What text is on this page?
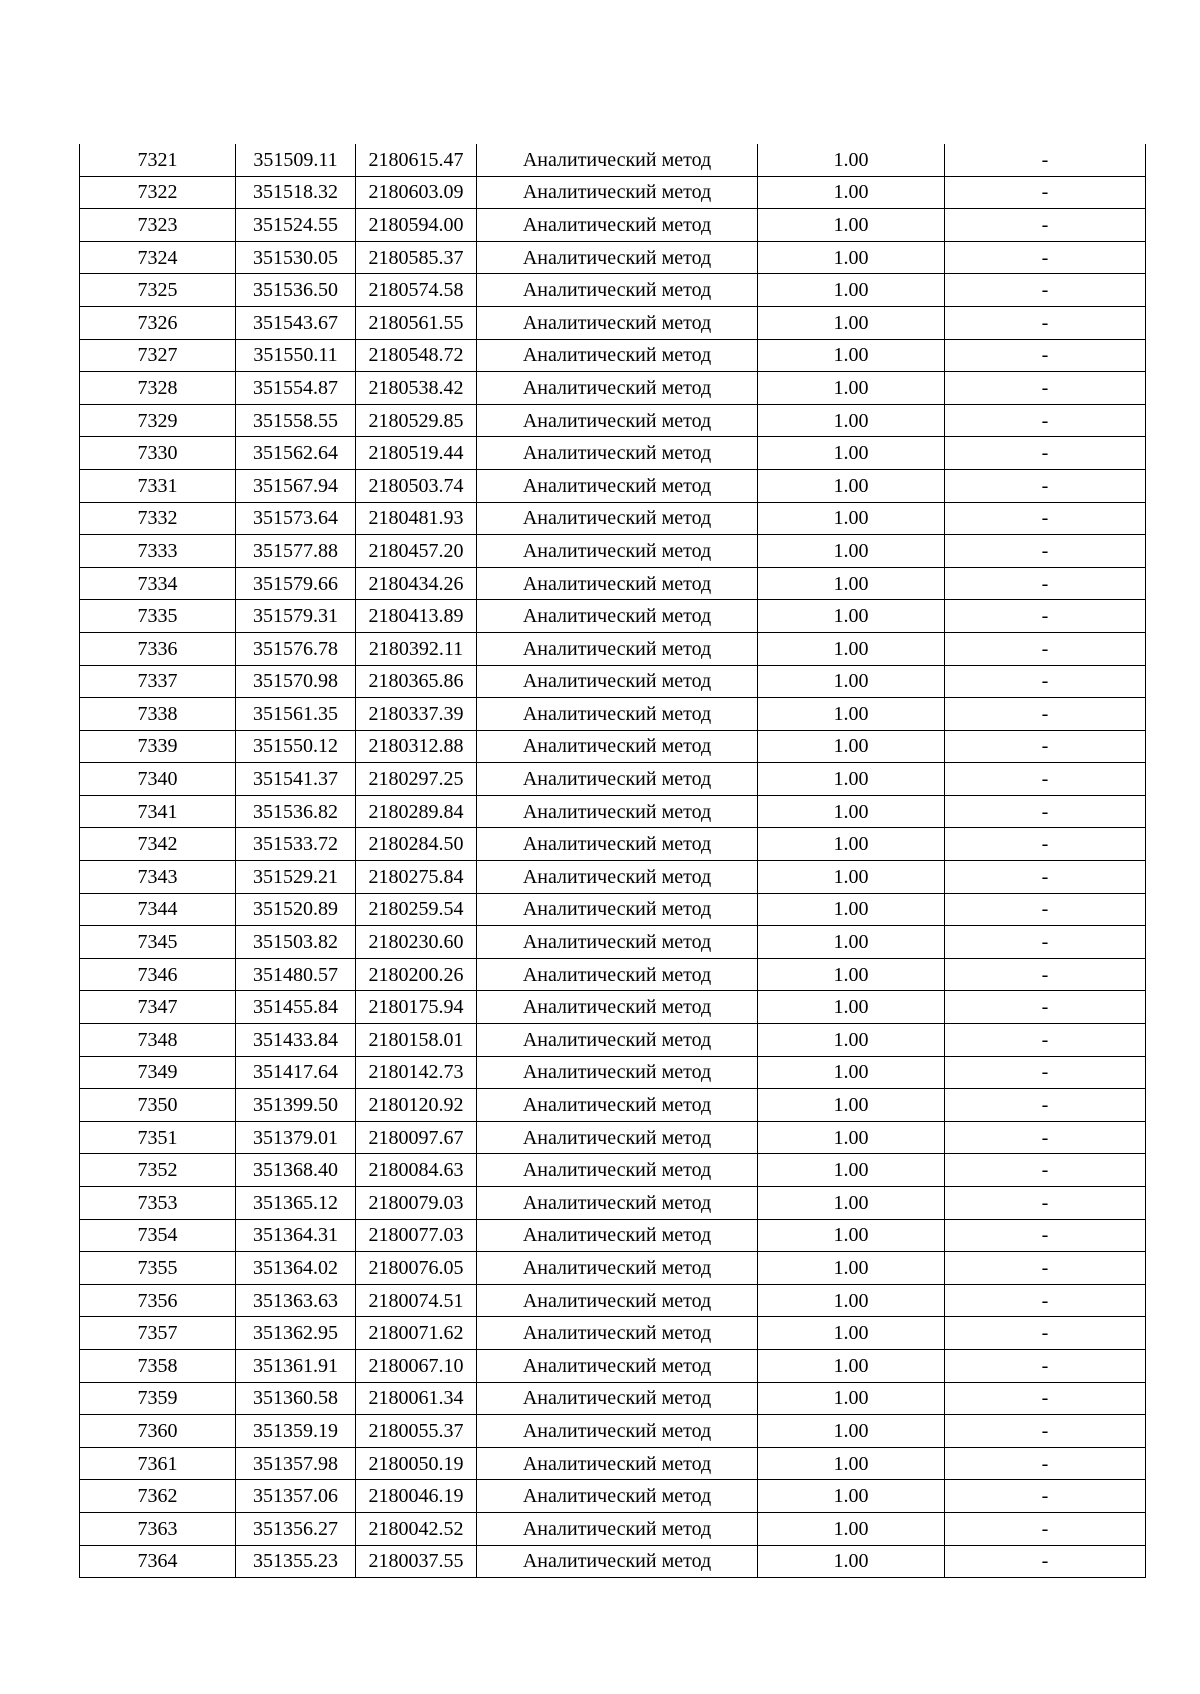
7321	351509.11	2180615.47	Аналитический метод	1.00	-
7322	351518.32	2180603.09	Аналитический метод	1.00	-
7323	351524.55	2180594.00	Аналитический метод	1.00	-
7324	351530.05	2180585.37	Аналитический метод	1.00	-
7325	351536.50	2180574.58	Аналитический метод	1.00	-
7326	351543.67	2180561.55	Аналитический метод	1.00	-
7327	351550.11	2180548.72	Аналитический метод	1.00	-
7328	351554.87	2180538.42	Аналитический метод	1.00	-
7329	351558.55	2180529.85	Аналитический метод	1.00	-
7330	351562.64	2180519.44	Аналитический метод	1.00	-
7331	351567.94	2180503.74	Аналитический метод	1.00	-
7332	351573.64	2180481.93	Аналитический метод	1.00	-
7333	351577.88	2180457.20	Аналитический метод	1.00	-
7334	351579.66	2180434.26	Аналитический метод	1.00	-
7335	351579.31	2180413.89	Аналитический метод	1.00	-
7336	351576.78	2180392.11	Аналитический метод	1.00	-
7337	351570.98	2180365.86	Аналитический метод	1.00	-
7338	351561.35	2180337.39	Аналитический метод	1.00	-
7339	351550.12	2180312.88	Аналитический метод	1.00	-
7340	351541.37	2180297.25	Аналитический метод	1.00	-
7341	351536.82	2180289.84	Аналитический метод	1.00	-
7342	351533.72	2180284.50	Аналитический метод	1.00	-
7343	351529.21	2180275.84	Аналитический метод	1.00	-
7344	351520.89	2180259.54	Аналитический метод	1.00	-
7345	351503.82	2180230.60	Аналитический метод	1.00	-
7346	351480.57	2180200.26	Аналитический метод	1.00	-
7347	351455.84	2180175.94	Аналитический метод	1.00	-
7348	351433.84	2180158.01	Аналитический метод	1.00	-
7349	351417.64	2180142.73	Аналитический метод	1.00	-
7350	351399.50	2180120.92	Аналитический метод	1.00	-
7351	351379.01	2180097.67	Аналитический метод	1.00	-
7352	351368.40	2180084.63	Аналитический метод	1.00	-
7353	351365.12	2180079.03	Аналитический метод	1.00	-
7354	351364.31	2180077.03	Аналитический метод	1.00	-
7355	351364.02	2180076.05	Аналитический метод	1.00	-
7356	351363.63	2180074.51	Аналитический метод	1.00	-
7357	351362.95	2180071.62	Аналитический метод	1.00	-
7358	351361.91	2180067.10	Аналитический метод	1.00	-
7359	351360.58	2180061.34	Аналитический метод	1.00	-
7360	351359.19	2180055.37	Аналитический метод	1.00	-
7361	351357.98	2180050.19	Аналитический метод	1.00	-
7362	351357.06	2180046.19	Аналитический метод	1.00	-
7363	351356.27	2180042.52	Аналитический метод	1.00	-
7364	351355.23	2180037.55	Аналитический метод	1.00	-
